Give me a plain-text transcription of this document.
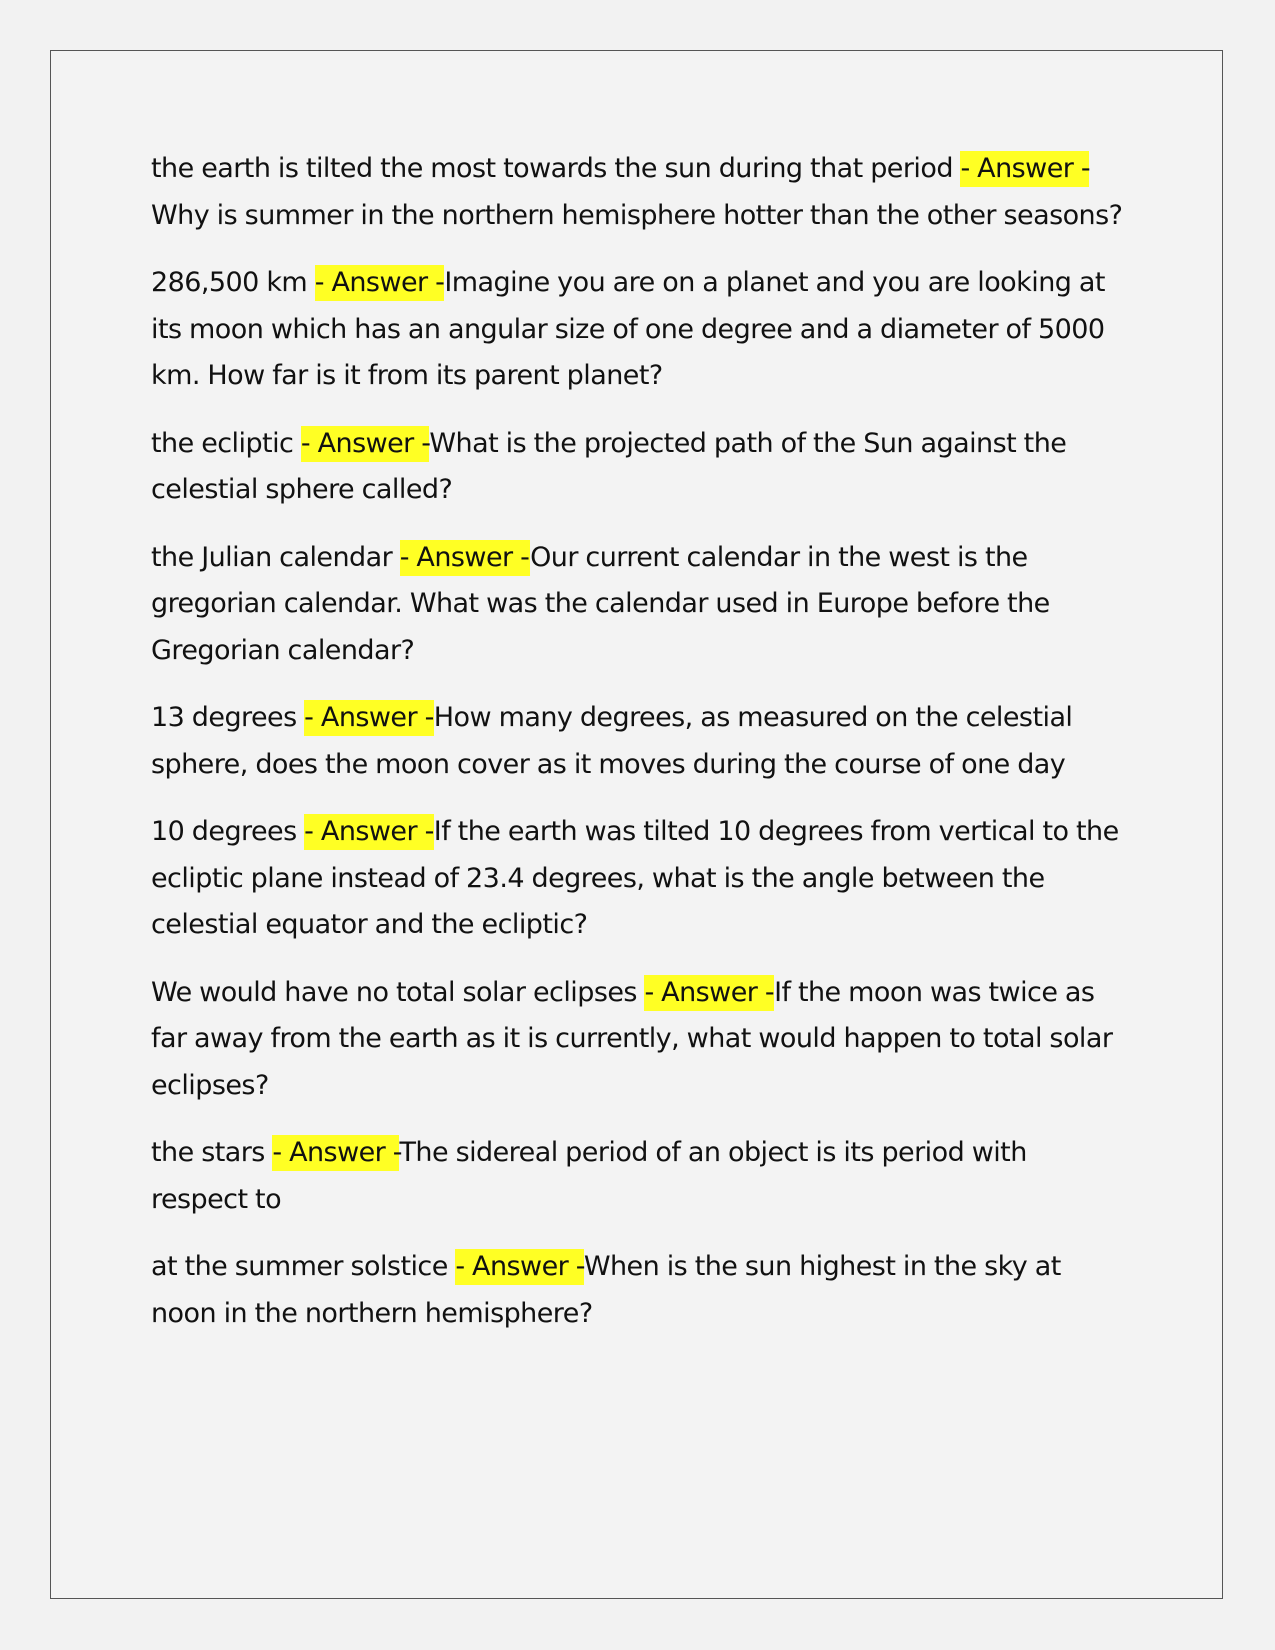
the earth is tilted the most towards the sun during that period - Answer -Why is summer in the northern hemisphere hotter than the other seasons?

286,500 km - Answer -Imagine you are on a planet and you are looking at its moon which has an angular size of one degree and a diameter of 5000 km. How far is it from its parent planet?

the ecliptic - Answer -What is the projected path of the Sun against the celestial sphere called?

the Julian calendar - Answer -Our current calendar in the west is the gregorian calendar. What was the calendar used in Europe before the Gregorian calendar?

13 degrees - Answer -How many degrees, as measured on the celestial sphere, does the moon cover as it moves during the course of one day

10 degrees - Answer -If the earth was tilted 10 degrees from vertical to the ecliptic plane instead of 23.4 degrees, what is the angle between the celestial equator and the ecliptic?

We would have no total solar eclipses - Answer -If the moon was twice as far away from the earth as it is currently, what would happen to total solar eclipses?

the stars - Answer -The sidereal period of an object is its period with respect to

at the summer solstice - Answer -When is the sun highest in the sky at noon in the northern hemisphere?
